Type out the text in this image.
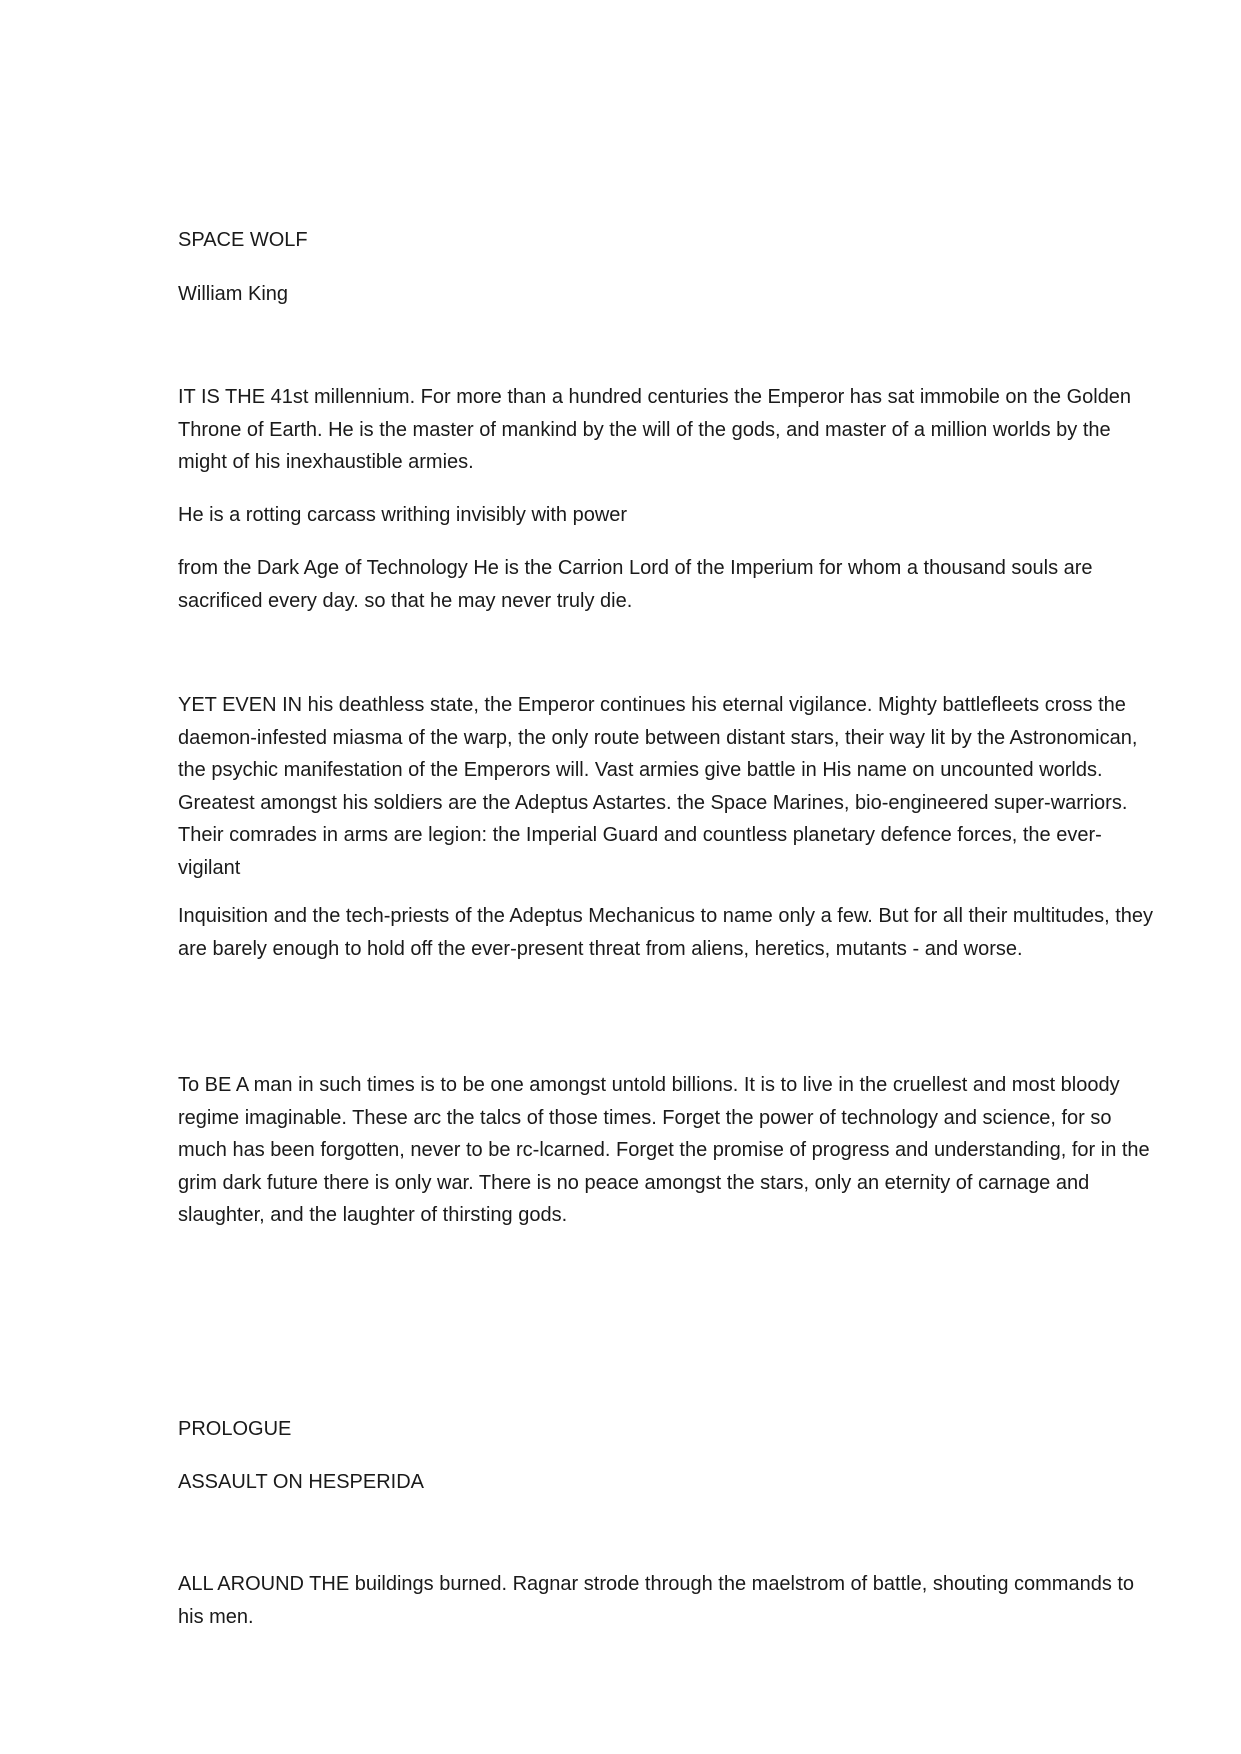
SPACE WOLF

William King

IT IS THE 41st millennium. For more than a hundred centuries the Emperor has sat immobile on the Golden Throne of Earth. He is the master of mankind by the will of the gods, and master of a million worlds by the might of his inexhaustible armies.

He is a rotting carcass writhing invisibly with power

from the Dark Age of Technology He is the Carrion Lord of the Imperium for whom a thousand souls are sacrificed every day. so that he may never truly die.

YET EVEN IN his deathless state, the Emperor continues his eternal vigilance. Mighty battlefleets cross the daemon-infested miasma of the warp, the only route between distant stars, their way lit by the Astronomican, the psychic manifestation of the Emperors will. Vast armies give battle in His name on uncounted worlds. Greatest amongst his soldiers are the Adeptus Astartes. the Space Marines, bio-engineered super-warriors. Their comrades in arms are legion: the Imperial Guard and countless planetary defence forces, the ever-vigilant

Inquisition and the tech-priests of the Adeptus Mechanicus to name only a few. But for all their multitudes, they are barely enough to hold off the ever-present threat from aliens, heretics, mutants - and worse.

To BE A man in such times is to be one amongst untold billions. It is to live in the cruellest and most bloody regime imaginable. These arc the talcs of those times. Forget the power of technology and science, for so much has been forgotten, never to be rc-lcarned. Forget the promise of progress and understanding, for in the grim dark future there is only war. There is no peace amongst the stars, only an eternity of carnage and slaughter, and the laughter of thirsting gods.

PROLOGUE

ASSAULT ON HESPERIDA

ALL AROUND THE buildings burned. Ragnar strode through the maelstrom of battle, shouting commands to his men.
